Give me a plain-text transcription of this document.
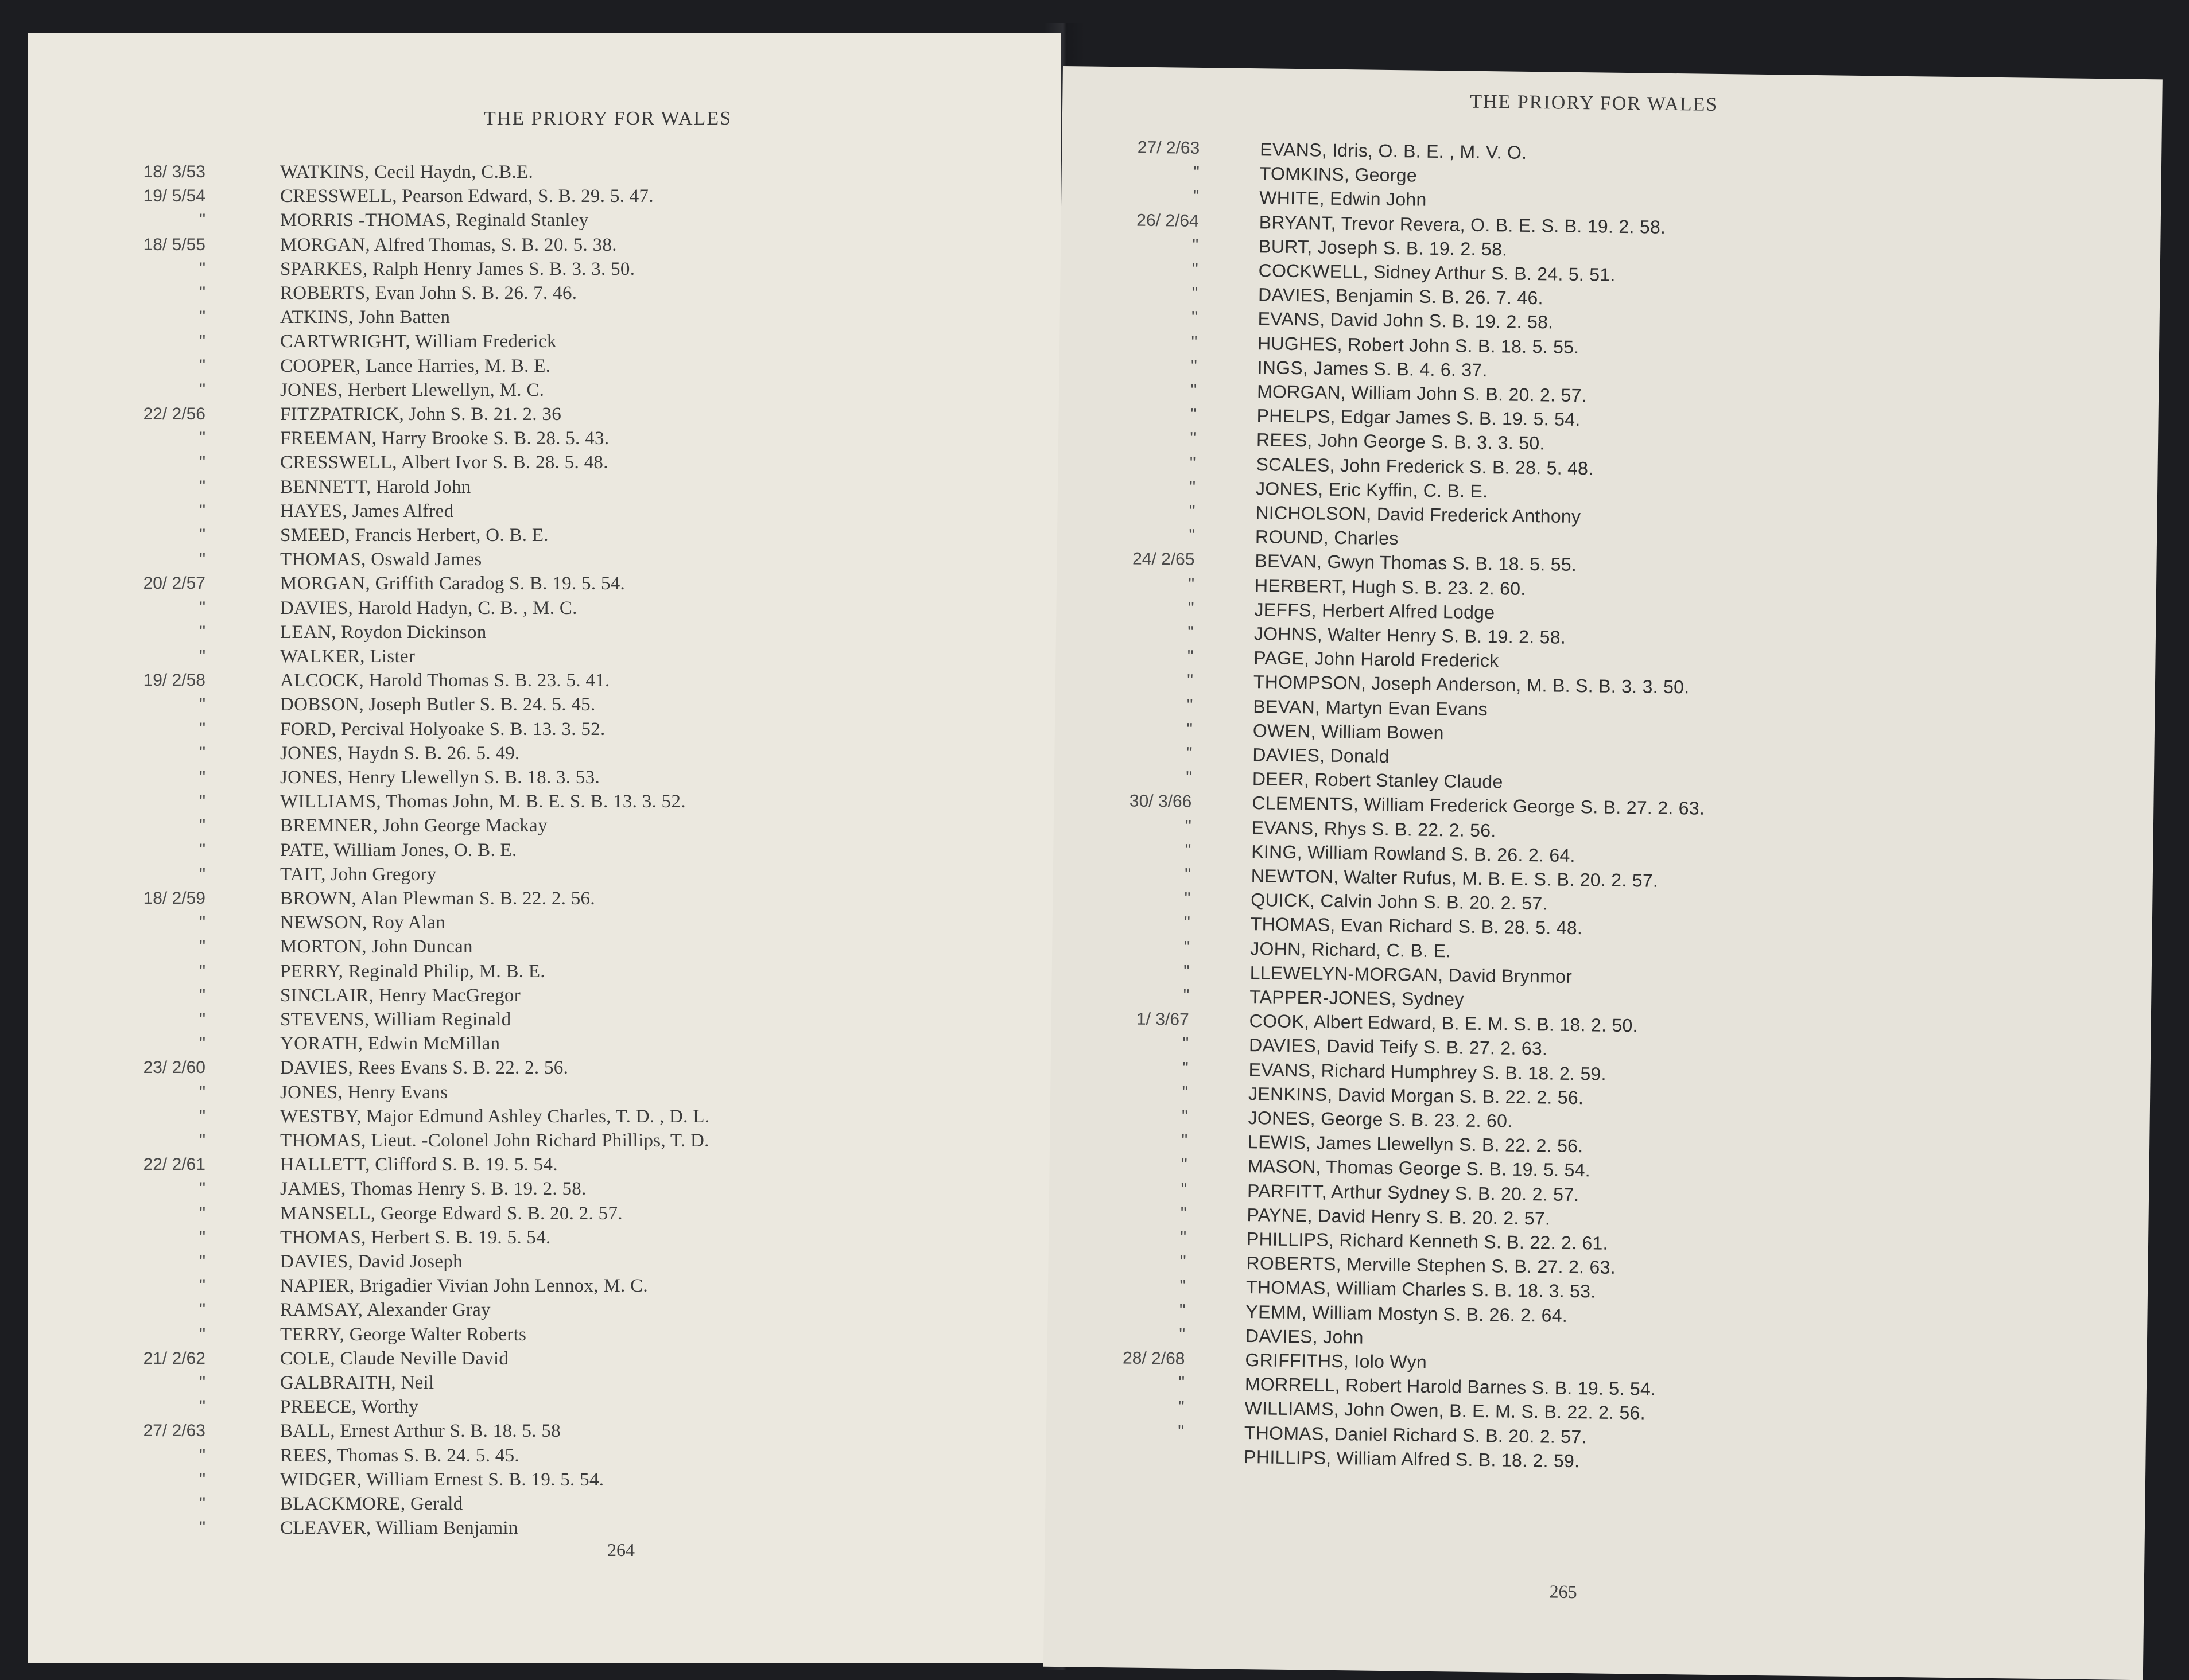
THE PRIORY FOR WALES
18/ 3/53	WATKINS, Cecil Haydn, C.B.E.
19/ 5/54	CRESSWELL, Pearson Edward, S. B. 29. 5. 47.
"	MORRIS -THOMAS, Reginald Stanley
18/ 5/55	MORGAN, Alfred Thomas, S. B. 20. 5. 38.
"	SPARKES, Ralph Henry James S. B. 3. 3. 50.
"	ROBERTS, Evan John S. B. 26. 7. 46.
"	ATKINS, John Batten
"	CARTWRIGHT, William Frederick
"	COOPER, Lance Harries, M. B. E.
"	JONES, Herbert Llewellyn, M. C.
22/ 2/56	FITZPATRICK, John S. B. 21. 2. 36
"	FREEMAN, Harry Brooke S. B. 28. 5. 43.
"	CRESSWELL, Albert Ivor S. B. 28. 5. 48.
"	BENNETT, Harold John
"	HAYES, James Alfred
"	SMEED, Francis Herbert, O. B. E.
"	THOMAS, Oswald James
20/ 2/57	MORGAN, Griffith Caradog S. B. 19. 5. 54.
"	DAVIES, Harold Hadyn, C. B. , M. C.
"	LEAN, Roydon Dickinson
"	WALKER, Lister
19/ 2/58	ALCOCK, Harold Thomas S. B. 23. 5. 41.
"	DOBSON, Joseph Butler S. B. 24. 5. 45.
"	FORD, Percival Holyoake S. B. 13. 3. 52.
"	JONES, Haydn S. B. 26. 5. 49.
"	JONES, Henry Llewellyn S. B. 18. 3. 53.
"	WILLIAMS, Thomas John, M. B. E. S. B. 13. 3. 52.
"	BREMNER, John George Mackay
"	PATE, William Jones, O. B. E.
"	TAIT, John Gregory
18/ 2/59	BROWN, Alan Plewman S. B. 22. 2. 56.
"	NEWSON, Roy Alan
"	MORTON, John Duncan
"	PERRY, Reginald Philip, M. B. E.
"	SINCLAIR, Henry MacGregor
"	STEVENS, William Reginald
"	YORATH, Edwin McMillan
23/ 2/60	DAVIES, Rees Evans S. B. 22. 2. 56.
"	JONES, Henry Evans
"	WESTBY, Major Edmund Ashley Charles, T. D. , D. L.
"	THOMAS, Lieut. -Colonel John Richard Phillips, T. D.
22/ 2/61	HALLETT, Clifford S. B. 19. 5. 54.
"	JAMES, Thomas Henry S. B. 19. 2. 58.
"	MANSELL, George Edward S. B. 20. 2. 57.
"	THOMAS, Herbert S. B. 19. 5. 54.
"	DAVIES, David Joseph
"	NAPIER, Brigadier Vivian John Lennox, M. C.
"	RAMSAY, Alexander Gray
"	TERRY, George Walter Roberts
21/ 2/62	COLE, Claude Neville David
"	GALBRAITH, Neil
"	PREECE, Worthy
27/ 2/63	BALL, Ernest Arthur S. B. 18. 5. 58
"	REES, Thomas S. B. 24. 5. 45.
"	WIDGER, William Ernest S. B. 19. 5. 54.
"	BLACKMORE, Gerald
"	CLEAVER, William Benjamin
264
THE PRIORY FOR WALES
27/ 2/63	EVANS, Idris, O. B. E. , M. V. O.
"	TOMKINS, George
"	WHITE, Edwin John
26/ 2/64	BRYANT, Trevor Revera, O. B. E. S. B. 19. 2. 58.
"	BURT, Joseph S. B. 19. 2. 58.
"	COCKWELL, Sidney Arthur S. B. 24. 5. 51.
"	DAVIES, Benjamin S. B. 26. 7. 46.
"	EVANS, David John S. B. 19. 2. 58.
"	HUGHES, Robert John S. B. 18. 5. 55.
"	INGS, James S. B. 4. 6. 37.
"	MORGAN, William John S. B. 20. 2. 57.
"	PHELPS, Edgar James S. B. 19. 5. 54.
"	REES, John George S. B. 3. 3. 50.
"	SCALES, John Frederick S. B. 28. 5. 48.
"	JONES, Eric Kyffin, C. B. E.
"	NICHOLSON, David Frederick Anthony
"	ROUND, Charles
24/ 2/65	BEVAN, Gwyn Thomas S. B. 18. 5. 55.
"	HERBERT, Hugh S. B. 23. 2. 60.
"	JEFFS, Herbert Alfred Lodge
"	JOHNS, Walter Henry S. B. 19. 2. 58.
"	PAGE, John Harold Frederick
"	THOMPSON, Joseph Anderson, M. B. S. B. 3. 3. 50.
"	BEVAN, Martyn Evan Evans
"	OWEN, William Bowen
"	DAVIES, Donald
"	DEER, Robert Stanley Claude
30/ 3/66	CLEMENTS, William Frederick George S. B. 27. 2. 63.
"	EVANS, Rhys S. B. 22. 2. 56.
"	KING, William Rowland S. B. 26. 2. 64.
"	NEWTON, Walter Rufus, M. B. E. S. B. 20. 2. 57.
"	QUICK, Calvin John S. B. 20. 2. 57.
"	THOMAS, Evan Richard S. B. 28. 5. 48.
"	JOHN, Richard, C. B. E.
"	LLEWELYN-MORGAN, David Brynmor
"	TAPPER-JONES, Sydney
1/ 3/67	COOK, Albert Edward, B. E. M. S. B. 18. 2. 50.
"	DAVIES, David Teify S. B. 27. 2. 63.
"	EVANS, Richard Humphrey S. B. 18. 2. 59.
"	JENKINS, David Morgan S. B. 22. 2. 56.
"	JONES, George S. B. 23. 2. 60.
"	LEWIS, James Llewellyn S. B. 22. 2. 56.
"	MASON, Thomas George S. B. 19. 5. 54.
"	PARFITT, Arthur Sydney S. B. 20. 2. 57.
"	PAYNE, David Henry S. B. 20. 2. 57.
"	PHILLIPS, Richard Kenneth S. B. 22. 2. 61.
"	ROBERTS, Merville Stephen S. B. 27. 2. 63.
"	THOMAS, William Charles S. B. 18. 3. 53.
"	YEMM, William Mostyn S. B. 26. 2. 64.
"	DAVIES, John
28/ 2/68	GRIFFITHS, Iolo Wyn
"	MORRELL, Robert Harold Barnes S. B. 19. 5. 54.
"	WILLIAMS, John Owen, B. E. M. S. B. 22. 2. 56.
"	THOMAS, Daniel Richard S. B. 20. 2. 57.
PHILLIPS, William Alfred S. B. 18. 2. 59.
265
